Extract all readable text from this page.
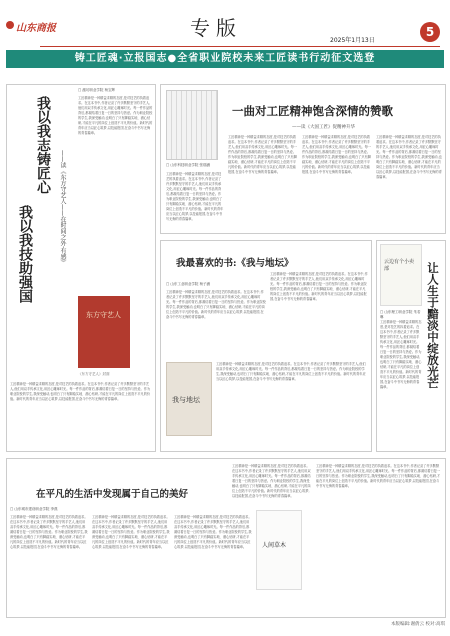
山东商报	专版
2025年1月13日
5
铸工匠魂·立报国志●全省职业院校未来工匠读书行动征文选登
我以我志铸匠心
我以我技助强国	——读《东方守艺人——在时间之外·有感》
□ 潍坊职业学院 杨宝辉
工匠精神是一种精益求精的态度,是对技艺的执着追求。在这本书中,作者记录了许多默默坚守的手艺人,他们用双手传承文化,用匠心雕琢时光。每一件作品的背后,都凝结着日复一日的坚持与热爱。作为职业院校的学生,我深受触动,也明白了只有脚踏实地、潜心钻研,才能在平凡的岗位上创造不平凡的价值。新时代的青年应当以匠心筑梦,以技能报国,在奋斗中书写无悔的青春篇章。
东方守艺人
《东方守艺人》封面
工匠精神是一种精益求精的态度,是对技艺的执着追求。在这本书中,作者记录了许多默默坚守的手艺人,他们用双手传承文化,用匠心雕琢时光。每一件作品的背后,都凝结着日复一日的坚持与热爱。作为职业院校的学生,我深受触动,也明白了只有脚踏实地、潜心钻研,才能在平凡的岗位上创造不平凡的价值。新时代的青年应当以匠心筑梦,以技能报国,在奋斗中书写无悔的青春篇章。
一曲对工匠精神饱含深情的赞歌
——读《大国工匠》促精神升华
□ 山东科技职业学院 张瑞涵
工匠精神是一种精益求精的态度,是对技艺的执着追求。在这本书中,作者记录了许多默默坚守的手艺人,他们用双手传承文化,用匠心雕琢时光。每一件作品的背后,都凝结着日复一日的坚持与热爱。作为职业院校的学生,我深受触动,也明白了只有脚踏实地、潜心钻研,才能在平凡的岗位上创造不平凡的价值。新时代的青年应当以匠心筑梦,以技能报国,在奋斗中书写无悔的青春篇章。
工匠精神是一种精益求精的态度,是对技艺的执着追求。在这本书中,作者记录了许多默默坚守的手艺人,他们用双手传承文化,用匠心雕琢时光。每一件作品的背后,都凝结着日复一日的坚持与热爱。作为职业院校的学生,我深受触动,也明白了只有脚踏实地、潜心钻研,才能在平凡的岗位上创造不平凡的价值。新时代的青年应当以匠心筑梦,以技能报国,在奋斗中书写无悔的青春篇章。
工匠精神是一种精益求精的态度,是对技艺的执着追求。在这本书中,作者记录了许多默默坚守的手艺人,他们用双手传承文化,用匠心雕琢时光。每一件作品的背后,都凝结着日复一日的坚持与热爱。作为职业院校的学生,我深受触动,也明白了只有脚踏实地、潜心钻研,才能在平凡的岗位上创造不平凡的价值。新时代的青年应当以匠心筑梦,以技能报国,在奋斗中书写无悔的青春篇章。
工匠精神是一种精益求精的态度,是对技艺的执着追求。在这本书中,作者记录了许多默默坚守的手艺人,他们用双手传承文化,用匠心雕琢时光。每一件作品的背后,都凝结着日复一日的坚持与热爱。作为职业院校的学生,我深受触动,也明白了只有脚踏实地、潜心钻研,才能在平凡的岗位上创造不平凡的价值。新时代的青年应当以匠心筑梦,以技能报国,在奋斗中书写无悔的青春篇章。
我最喜欢的书:《我与地坛》
□ 山东工业职业学院 杨子涵
工匠精神是一种精益求精的态度,是对技艺的执着追求。在这本书中,作者记录了许多默默坚守的手艺人,他们用双手传承文化,用匠心雕琢时光。每一件作品的背后,都凝结着日复一日的坚持与热爱。作为职业院校的学生,我深受触动,也明白了只有脚踏实地、潜心钻研,才能在平凡的岗位上创造不平凡的价值。新时代的青年应当以匠心筑梦,以技能报国,在奋斗中书写无悔的青春篇章。
工匠精神是一种精益求精的态度,是对技艺的执着追求。在这本书中,作者记录了许多默默坚守的手艺人,他们用双手传承文化,用匠心雕琢时光。每一件作品的背后,都凝结着日复一日的坚持与热爱。作为职业院校的学生,我深受触动,也明白了只有脚踏实地、潜心钻研,才能在平凡的岗位上创造不平凡的价值。新时代的青年应当以匠心筑梦,以技能报国,在奋斗中书写无悔的青春篇章。
我与地坛
工匠精神是一种精益求精的态度,是对技艺的执着追求。在这本书中,作者记录了许多默默坚守的手艺人,他们用双手传承文化,用匠心雕琢时光。每一件作品的背后,都凝结着日复一日的坚持与热爱。作为职业院校的学生,我深受触动,也明白了只有脚踏实地、潜心钻研,才能在平凡的岗位上创造不平凡的价值。新时代的青年应当以匠心筑梦,以技能报国,在奋斗中书写无悔的青春篇章。
云边有个小卖部	让人生于黯淡中绽放光芒
□ 山东理工职业学院 朱若琳
工匠精神是一种精益求精的态度,是对技艺的执着追求。在这本书中,作者记录了许多默默坚守的手艺人,他们用双手传承文化,用匠心雕琢时光。每一件作品的背后,都凝结着日复一日的坚持与热爱。作为职业院校的学生,我深受触动,也明白了只有脚踏实地、潜心钻研,才能在平凡的岗位上创造不平凡的价值。新时代的青年应当以匠心筑梦,以技能报国,在奋斗中书写无悔的青春篇章。
在平凡的生活中发现属于自己的美好
□ 山东城市建设职业学院 李燕
工匠精神是一种精益求精的态度,是对技艺的执着追求。在这本书中,作者记录了许多默默坚守的手艺人,他们用双手传承文化,用匠心雕琢时光。每一件作品的背后,都凝结着日复一日的坚持与热爱。作为职业院校的学生,我深受触动,也明白了只有脚踏实地、潜心钻研,才能在平凡的岗位上创造不平凡的价值。新时代的青年应当以匠心筑梦,以技能报国,在奋斗中书写无悔的青春篇章。
工匠精神是一种精益求精的态度,是对技艺的执着追求。在这本书中,作者记录了许多默默坚守的手艺人,他们用双手传承文化,用匠心雕琢时光。每一件作品的背后,都凝结着日复一日的坚持与热爱。作为职业院校的学生,我深受触动,也明白了只有脚踏实地、潜心钻研,才能在平凡的岗位上创造不平凡的价值。新时代的青年应当以匠心筑梦,以技能报国,在奋斗中书写无悔的青春篇章。
工匠精神是一种精益求精的态度,是对技艺的执着追求。在这本书中,作者记录了许多默默坚守的手艺人,他们用双手传承文化,用匠心雕琢时光。每一件作品的背后,都凝结着日复一日的坚持与热爱。作为职业院校的学生,我深受触动,也明白了只有脚踏实地、潜心钻研,才能在平凡的岗位上创造不平凡的价值。新时代的青年应当以匠心筑梦,以技能报国,在奋斗中书写无悔的青春篇章。
工匠精神是一种精益求精的态度,是对技艺的执着追求。在这本书中,作者记录了许多默默坚守的手艺人,他们用双手传承文化,用匠心雕琢时光。每一件作品的背后,都凝结着日复一日的坚持与热爱。作为职业院校的学生,我深受触动,也明白了只有脚踏实地、潜心钻研,才能在平凡的岗位上创造不平凡的价值。新时代的青年应当以匠心筑梦,以技能报国,在奋斗中书写无悔的青春篇章。
人间草木
工匠精神是一种精益求精的态度,是对技艺的执着追求。在这本书中,作者记录了许多默默坚守的手艺人,他们用双手传承文化,用匠心雕琢时光。每一件作品的背后,都凝结着日复一日的坚持与热爱。作为职业院校的学生,我深受触动,也明白了只有脚踏实地、潜心钻研,才能在平凡的岗位上创造不平凡的价值。新时代的青年应当以匠心筑梦,以技能报国,在奋斗中书写无悔的青春篇章。
本版编辑:谢倩云 校对:高琪
